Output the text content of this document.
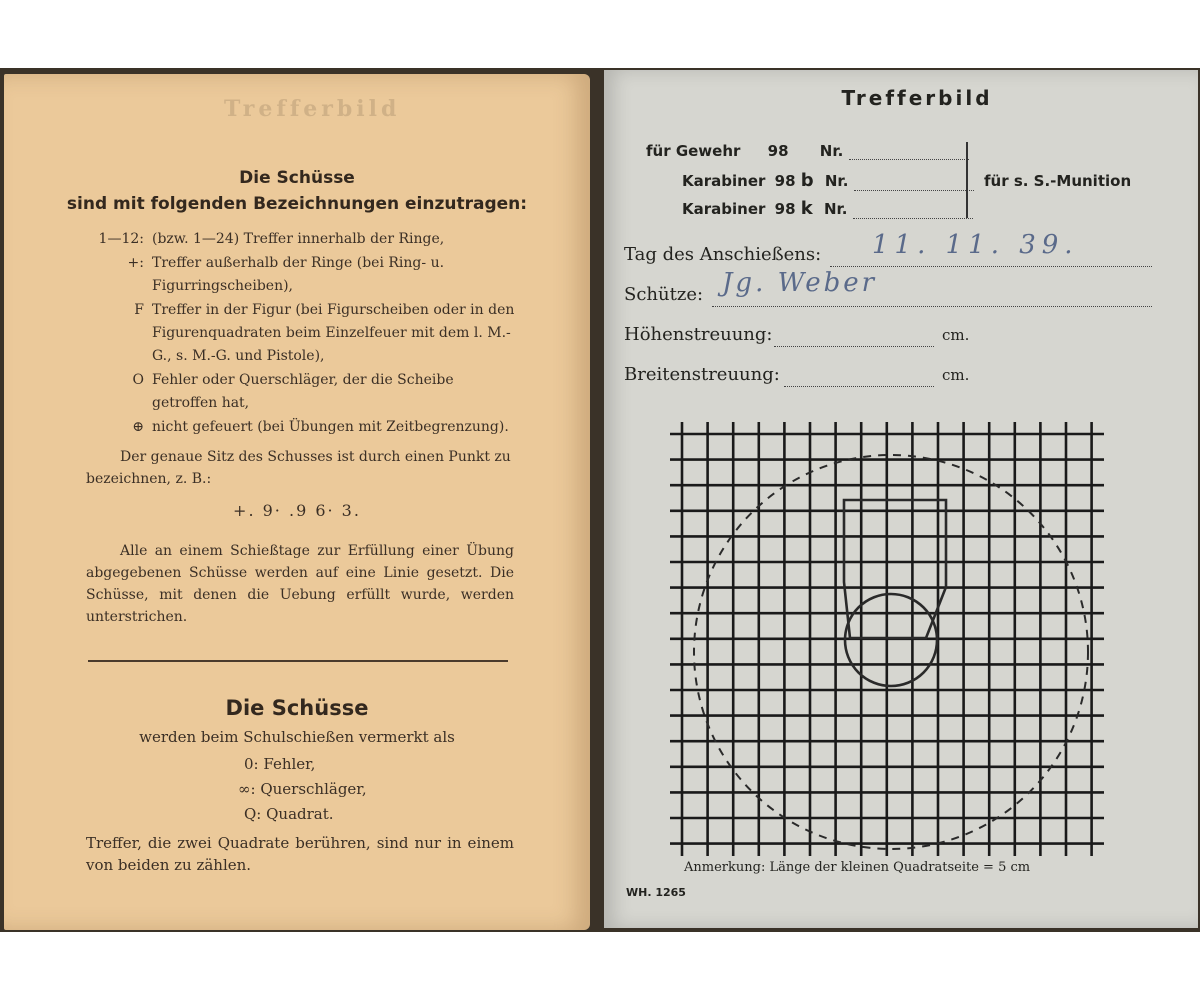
Trefferbild
Die Schüsse
sind mit folgenden Bezeichnungen einzutragen:
1—12: (bzw. 1—24) Treffer innerhalb der Ringe,
+: Treffer außerhalb der Ringe (bei Ring- u. Figurringscheiben),
F Treffer in der Figur (bei Figurscheiben oder in den Figurenquadraten beim Einzelfeuer mit dem l. M.-G., s. M.-G. und Pistole),
O Fehler oder Querschläger, der die Scheibe getroffen hat,
⊕ nicht gefeuert (bei Übungen mit Zeitbegrenzung).
Der genaue Sitz des Schusses ist durch einen Punkt zu bezeichnen, z. B.:
+. 9· .9 6· 3.
Alle an einem Schießtage zur Erfüllung einer Übung abgegebenen Schüsse werden auf eine Linie gesetzt. Die Schüsse, mit denen die Uebung erfüllt wurde, werden unterstrichen.
Die Schüsse
werden beim Schulschießen vermerkt als
0: Fehler,
∞: Querschläger,
Q: Quadrat.
Treffer, die zwei Quadrate berühren, sind nur in einem von beiden zu zählen.
Trefferbild
für Gewehr 98 Nr.
Karabiner 98 b Nr.
Karabiner 98 k Nr.
für s. S.-Munition
Tag des Anschießens: 11. 11. 39.
Schütze: Jg. Weber
Höhenstreuung:	cm.
Breitenstreuung:	cm.
Anmerkung: Länge der kleinen Quadratseite = 5 cm
WH. 1265
